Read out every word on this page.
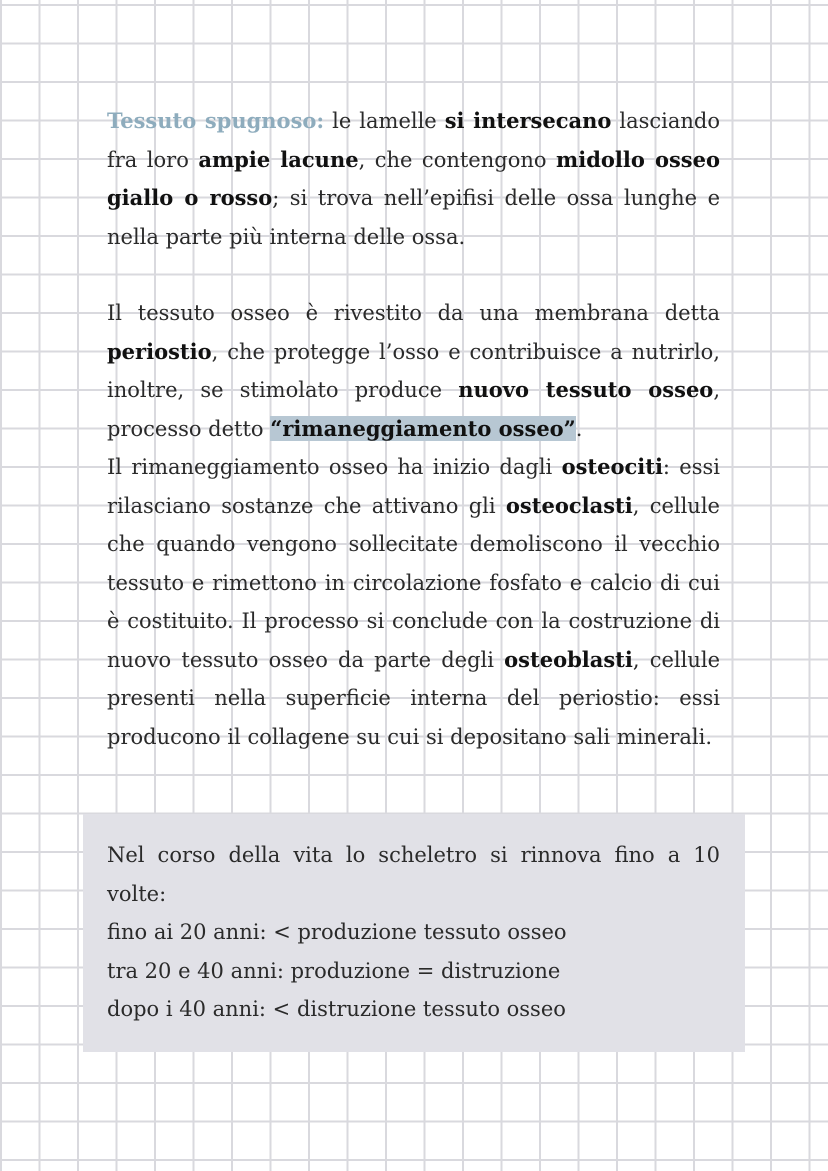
Tessuto spugnoso: le lamelle si intersecano lasciando fra loro ampie lacune, che contengono midollo osseo giallo o rosso; si trova nell’epifisi delle ossa lunghe e nella parte più interna delle ossa.

Il tessuto osseo è rivestito da una membrana detta periostio, che protegge l’osso e contribuisce a nutrirlo, inoltre, se stimolato produce nuovo tessuto osseo, processo detto “rimaneggiamento osseo”.

Il rimaneggiamento osseo ha inizio dagli osteociti: essi rilasciano sostanze che attivano gli osteoclasti, cellule che quando vengono sollecitate demoliscono il vecchio tessuto e rimettono in circolazione fosfato e calcio di cui è costituito. Il processo si conclude con la costruzione di nuovo tessuto osseo da parte degli osteoblasti, cellule presenti nella superficie interna del periostio: essi producono il collagene su cui si depositano sali minerali.

Nel corso della vita lo scheletro si rinnova fino a 10 volte:

fino ai 20 anni: < produzione tessuto osseo

tra 20 e 40 anni: produzione = distruzione

dopo i 40 anni: < distruzione tessuto osseo
